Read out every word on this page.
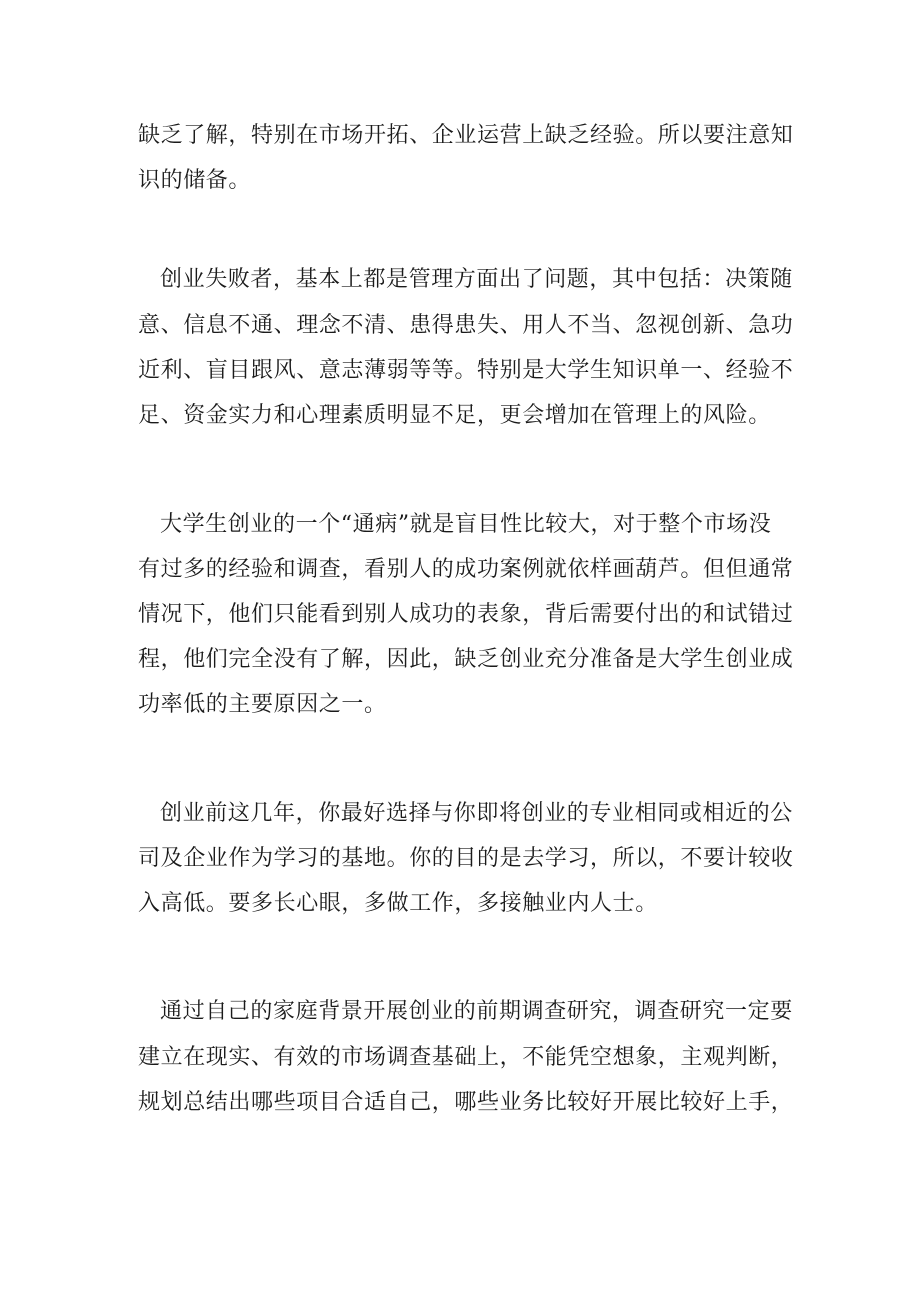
缺乏了解，特别在市场开拓、企业运营上缺乏经验。所以要注意知
识的储备。
创业失败者，基本上都是管理方面出了问题，其中包括：决策随
意、信息不通、理念不清、患得患失、用人不当、忽视创新、急功
近利、盲目跟风、意志薄弱等等。特别是大学生知识单一、经验不
足、资金实力和心理素质明显不足，更会增加在管理上的风险。
大学生创业的一个“通病”就是盲目性比较大，对于整个市场没
有过多的经验和调查，看别人的成功案例就依样画葫芦。但但通常
情况下，他们只能看到别人成功的表象，背后需要付出的和试错过
程，他们完全没有了解，因此，缺乏创业充分准备是大学生创业成
功率低的主要原因之一。
创业前这几年，你最好选择与你即将创业的专业相同或相近的公
司及企业作为学习的基地。你的目的是去学习，所以，不要计较收
入高低。要多长心眼，多做工作，多接触业内人士。
通过自己的家庭背景开展创业的前期调查研究，调查研究一定要
建立在现实、有效的市场调查基础上，不能凭空想象，主观判断，
规划总结出哪些项目合适自己，哪些业务比较好开展比较好上手，
